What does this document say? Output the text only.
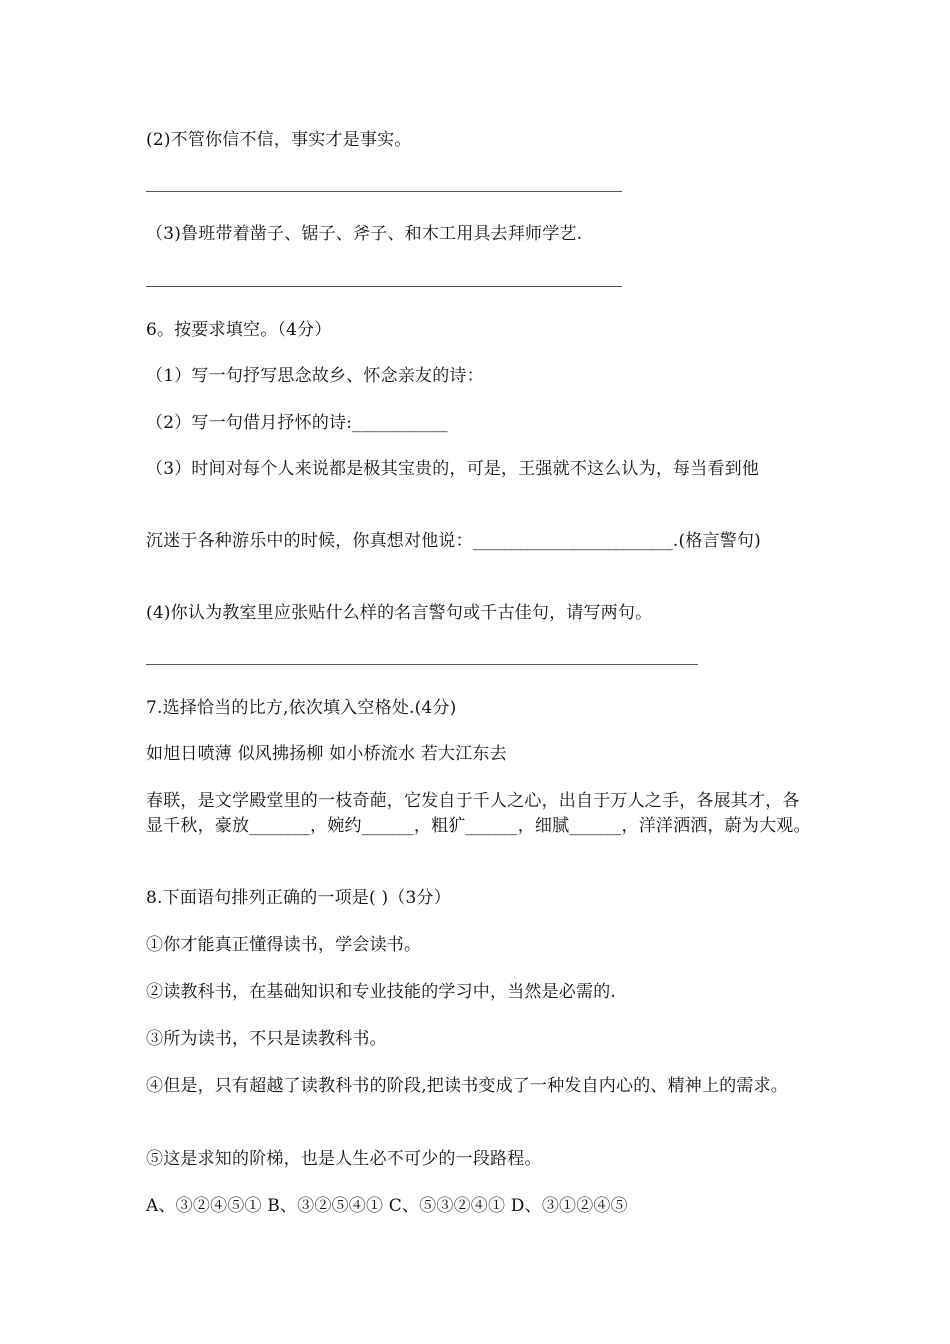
(2)不管你信不信，事实才是事实。
（3)鲁班带着凿子、锯子、斧子、和木工用具去拜师学艺.
6。按要求填空。（4分）
（1）写一句抒写思念故乡、怀念亲友的诗：
（2）写一句借月抒怀的诗:___________
（3）时间对每个人来说都是极其宝贵的，可是，王强就不这么认为，每当看到他
沉迷于各种游乐中的时候，你真想对他说：_______________________.(格言警句)
(4)你认为教室里应张贴什么样的名言警句或千古佳句，请写两句。
7.选择恰当的比方,依次填入空格处.(4分)
如旭日喷薄 似风拂扬柳 如小桥流水 若大江东去
春联，是文学殿堂里的一枝奇葩，它发自于千人之心，出自于万人之手，各展其才，各显千秋，豪放_______，婉约______，粗犷______，细腻______，洋洋洒洒，蔚为大观。
8.下面语句排列正确的一项是( )（3分）
①你才能真正懂得读书，学会读书。
②读教科书，在基础知识和专业技能的学习中，当然是必需的.
③所为读书，不只是读教科书。
④但是，只有超越了读教科书的阶段,把读书变成了一种发自内心的、精神上的需求。
⑤这是求知的阶梯，也是人生必不可少的一段路程。
A、③②④⑤① B、③②⑤④① C、⑤③②④① D、③①②④⑤
